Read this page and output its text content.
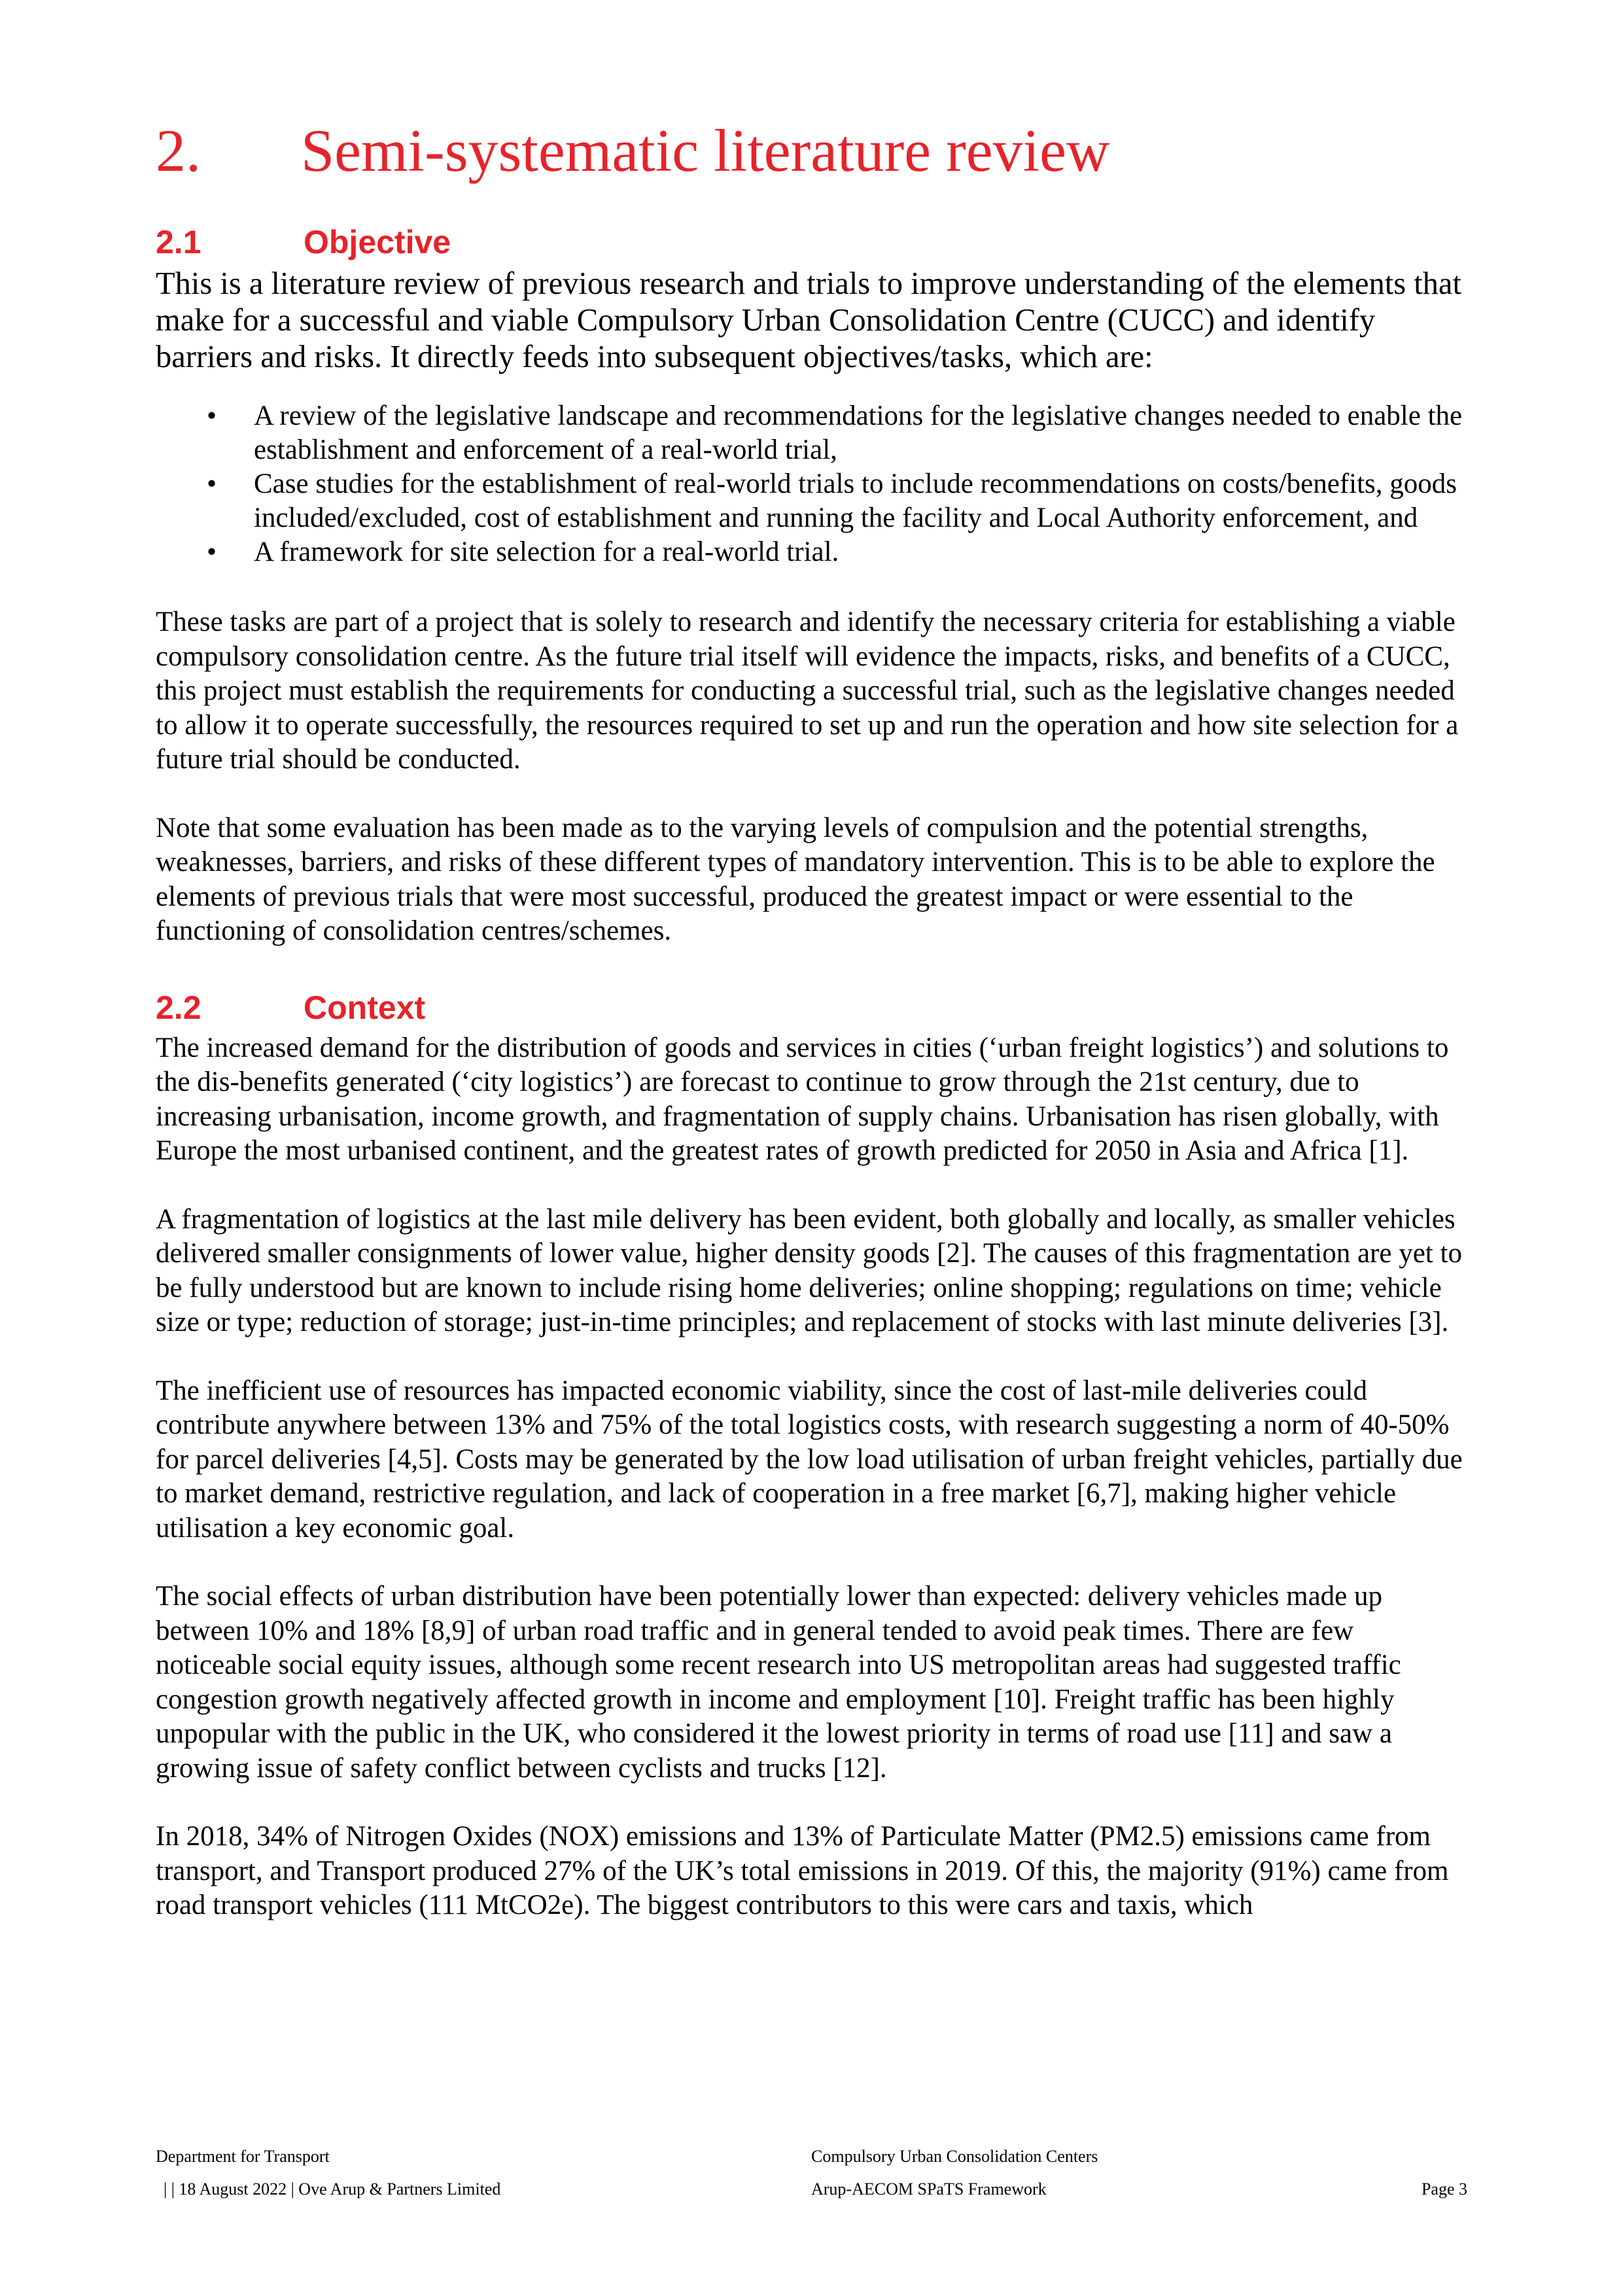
2. Semi-systematic literature review
2.1	Objective

This is a literature review of previous research and trials to improve understanding of the elements that make for a successful and viable Compulsory Urban Consolidation Centre (CUCC) and identify barriers and risks. It directly feeds into subsequent objectives/tasks, which are:

• A review of the legislative landscape and recommendations for the legislative changes needed to enable the establishment and enforcement of a real-world trial,
• Case studies for the establishment of real-world trials to include recommendations on costs/benefits, goods included/excluded, cost of establishment and running the facility and Local Authority enforcement, and
• A framework for site selection for a real-world trial.

These tasks are part of a project that is solely to research and identify the necessary criteria for establishing a viable compulsory consolidation centre. As the future trial itself will evidence the impacts, risks, and benefits of a CUCC, this project must establish the requirements for conducting a successful trial, such as the legislative changes needed to allow it to operate successfully, the resources required to set up and run the operation and how site selection for a future trial should be conducted.

Note that some evaluation has been made as to the varying levels of compulsion and the potential strengths, weaknesses, barriers, and risks of these different types of mandatory intervention. This is to be able to explore the elements of previous trials that were most successful, produced the greatest impact or were essential to the functioning of consolidation centres/schemes.

2.2	Context

The increased demand for the distribution of goods and services in cities (‘urban freight logistics’) and solutions to the dis-benefits generated (‘city logistics’) are forecast to continue to grow through the 21st century, due to increasing urbanisation, income growth, and fragmentation of supply chains. Urbanisation has risen globally, with Europe the most urbanised continent, and the greatest rates of growth predicted for 2050 in Asia and Africa [1].

A fragmentation of logistics at the last mile delivery has been evident, both globally and locally, as smaller vehicles delivered smaller consignments of lower value, higher density goods [2]. The causes of this fragmentation are yet to be fully understood but are known to include rising home deliveries; online shopping; regulations on time; vehicle size or type; reduction of storage; just-in-time principles; and replacement of stocks with last minute deliveries [3].

The inefficient use of resources has impacted economic viability, since the cost of last-mile deliveries could contribute anywhere between 13% and 75% of the total logistics costs, with research suggesting a norm of 40-50% for parcel deliveries [4,5]. Costs may be generated by the low load utilisation of urban freight vehicles, partially due to market demand, restrictive regulation, and lack of cooperation in a free market [6,7], making higher vehicle utilisation a key economic goal.

The social effects of urban distribution have been potentially lower than expected: delivery vehicles made up between 10% and 18% [8,9] of urban road traffic and in general tended to avoid peak times. There are few noticeable social equity issues, although some recent research into US metropolitan areas had suggested traffic congestion growth negatively affected growth in income and employment [10]. Freight traffic has been highly unpopular with the public in the UK, who considered it the lowest priority in terms of road use [11] and saw a growing issue of safety conflict between cyclists and trucks [12].

In 2018, 34% of Nitrogen Oxides (NOX) emissions and 13% of Particulate Matter (PM2.5) emissions came from transport, and Transport produced 27% of the UK’s total emissions in 2019. Of this, the majority (91%) came from road transport vehicles (111 MtCO2e). The biggest contributors to this were cars and taxis, which

Department for Transport
| | 18 August 2022 | Ove Arup & Partners Limited
Compulsory Urban Consolidation Centers
Arup-AECOM SPaTS Framework	Page 3
